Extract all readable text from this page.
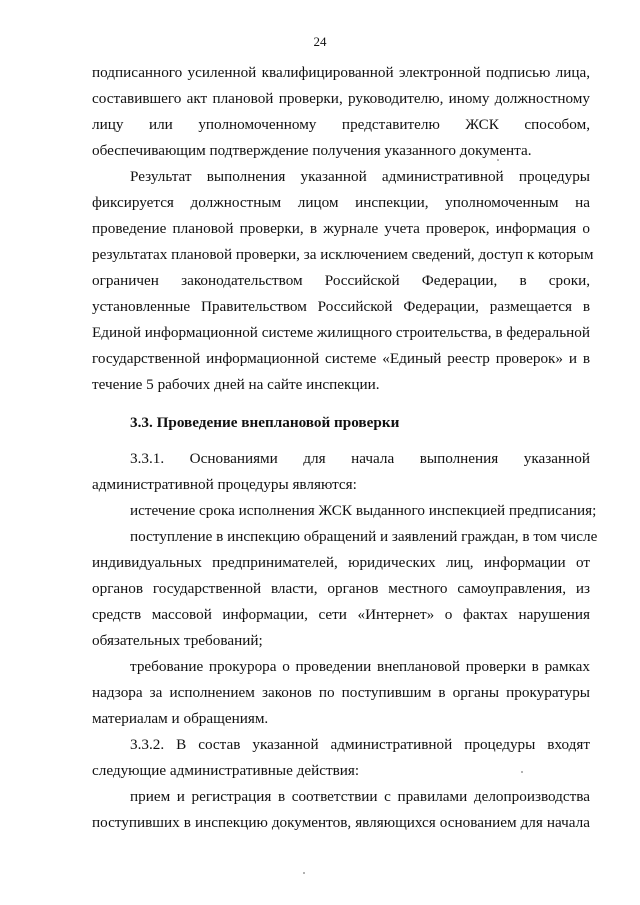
24
подписанного усиленной квалифицированной электронной подписью лица,
составившего акт плановой проверки, руководителю, иному должностному
лицу или уполномоченному представителю ЖСК способом,
обеспечивающим подтверждение получения указанного документа.
Результат выполнения указанной административной процедуры
фиксируется должностным лицом инспекции, уполномоченным на
проведение плановой проверки, в журнале учета проверок, информация о
результатах плановой проверки, за исключением сведений, доступ к которым
ограничен законодательством Российской Федерации, в сроки,
установленные Правительством Российской Федерации, размещается в
Единой информационной системе жилищного строительства, в федеральной
государственной информационной системе «Единый реестр проверок» и в
течение 5 рабочих дней на сайте инспекции.
3.3. Проведение внеплановой проверки
3.3.1. Основаниями для начала выполнения указанной
административной процедуры являются:
истечение срока исполнения ЖСК выданного инспекцией предписания;
поступление в инспекцию обращений и заявлений граждан, в том числе
индивидуальных предпринимателей, юридических лиц, информации от
органов государственной власти, органов местного самоуправления, из
средств массовой информации, сети «Интернет» о фактах нарушения
обязательных требований;
требование прокурора о проведении внеплановой проверки в рамках
надзора за исполнением законов по поступившим в органы прокуратуры
материалам и обращениям.
3.3.2. В состав указанной административной процедуры входят
следующие административные действия:
прием и регистрация в соответствии с правилами делопроизводства
поступивших в инспекцию документов, являющихся основанием для начала
